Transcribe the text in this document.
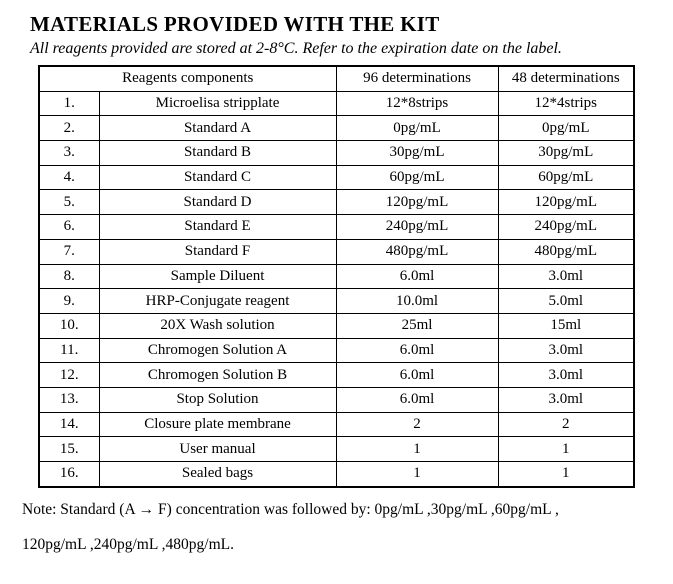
MATERIALS PROVIDED WITH THE KIT

All reagents provided are stored at 2-8°C. Refer to the expiration date on the label.

Reagents components		96 determinations	48 determinations
1.	Microelisa stripplate	12*8strips	12*4strips
2.	Standard A	0pg/mL	0pg/mL
3.	Standard B	30pg/mL	30pg/mL
4.	Standard C	60pg/mL	60pg/mL
5.	Standard D	120pg/mL	120pg/mL
6.	Standard E	240pg/mL	240pg/mL
7.	Standard F	480pg/mL	480pg/mL
8.	Sample Diluent	6.0ml	3.0ml
9.	HRP-Conjugate reagent	10.0ml	5.0ml
10.	20X Wash solution	25ml	15ml
11.	Chromogen Solution A	6.0ml	3.0ml
12.	Chromogen Solution B	6.0ml	3.0ml
13.	Stop Solution	6.0ml	3.0ml
14.	Closure plate membrane	2	2
15.	User manual	1	1
16.	Sealed bags	1	1

Note: Standard (A → F) concentration was followed by: 0pg/mL ,30pg/mL ,60pg/mL ,

120pg/mL ,240pg/mL ,480pg/mL.
